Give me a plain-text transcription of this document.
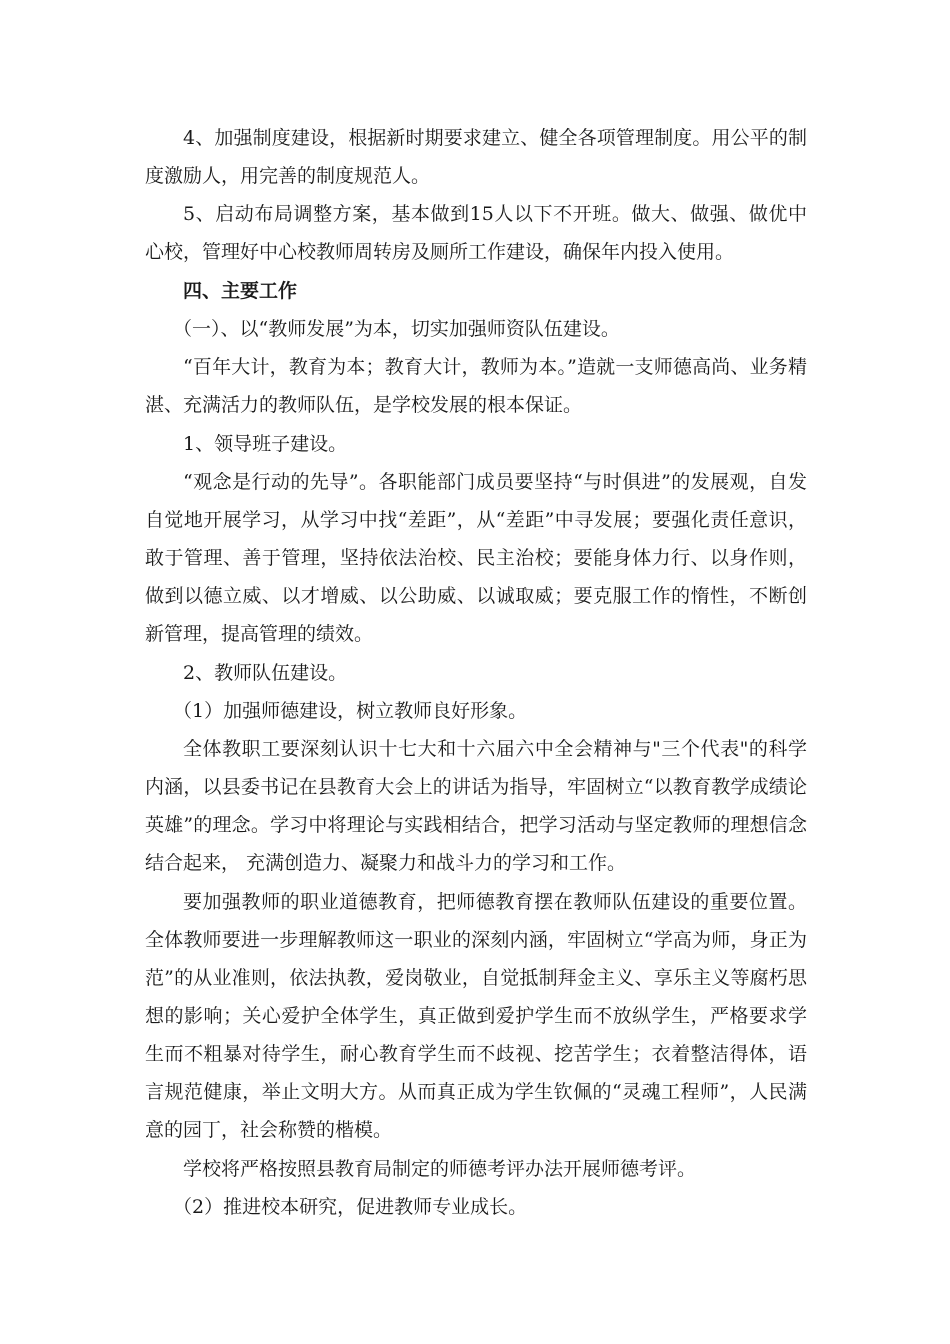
4、加强制度建设，根据新时期要求建立、健全各项管理制度。用公平的制度激励人，用完善的制度规范人。

5、启动布局调整方案，基本做到15人以下不开班。做大、做强、做优中心校，管理好中心校教师周转房及厕所工作建设，确保年内投入使用。

四、主要工作

（一）、以“教师发展”为本，切实加强师资队伍建设。

“百年大计，教育为本；教育大计，教师为本。”造就一支师德高尚、业务精湛、充满活力的教师队伍，是学校发展的根本保证。

1、领导班子建设。

“观念是行动的先导”。各职能部门成员要坚持“与时俱进”的发展观，自发自觉地开展学习，从学习中找“差距”，从“差距”中寻发展；要强化责任意识，敢于管理、善于管理，坚持依法治校、民主治校；要能身体力行、以身作则，做到以德立威、以才增威、以公助威、以诚取威；要克服工作的惰性，不断创新管理，提高管理的绩效。

2、教师队伍建设。

（1）加强师德建设，树立教师良好形象。

全体教职工要深刻认识十七大和十六届六中全会精神与"三个代表"的科学内涵，以县委书记在县教育大会上的讲话为指导，牢固树立“以教育教学成绩论英雄”的理念。学习中将理论与实践相结合，把学习活动与坚定教师的理想信念结合起来， 充满创造力、凝聚力和战斗力的学习和工作。

要加强教师的职业道德教育，把师德教育摆在教师队伍建设的重要位置。全体教师要进一步理解教师这一职业的深刻内涵，牢固树立“学高为师，身正为范”的从业准则，依法执教，爱岗敬业，自觉抵制拜金主义、享乐主义等腐朽思想的影响；关心爱护全体学生，真正做到爱护学生而不放纵学生，严格要求学生而不粗暴对待学生，耐心教育学生而不歧视、挖苦学生；衣着整洁得体，语言规范健康，举止文明大方。从而真正成为学生钦佩的“灵魂工程师”，人民满意的园丁，社会称赞的楷模。

学校将严格按照县教育局制定的师德考评办法开展师德考评。

（2）推进校本研究，促进教师专业成长。
